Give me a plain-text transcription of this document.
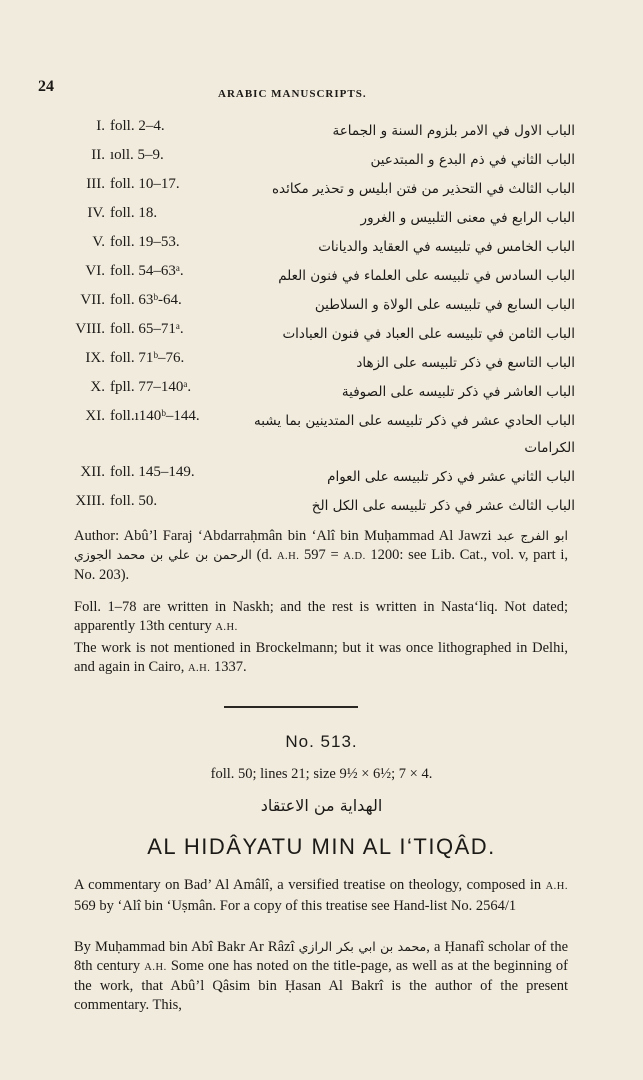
24	ARABIC MANUSCRIPTS.
I. foll. 2–4.	الباب الاول في الامر بلزوم السنة و الجماعة
II. ıoll. 5–9.	الباب الثاني في ذم البدع و المبتدعين
III. foll. 10–17.	الباب الثالث في التحذير من فتن ابليس و تحذير مكائده
IV. foll. 18.	الباب الرابع في معنى التلبيس و الغرور
V. foll. 19–53.	الباب الخامس في تلبيسه في العقايد والديانات
VI. foll. 54–63ᵃ.	الباب السادس في تلبيسه على العلماء في فنون العلم
VII. foll. 63ᵇ-64.	الباب السابع في تلبيسه على الولاة و السلاطين
VIII. foll. 65–71ᵃ.	الباب الثامن في تلبيسه على العباد في فنون العبادات
IX. foll. 71ᵇ–76.	الباب التاسع في ذكر تلبيسه على الزهاد
X. fpll. 77–140ᵃ.	الباب العاشر في ذكر تلبيسه على الصوفية
XI. foll.ı140ᵇ–144.	الباب الحادي عشر في ذكر تلبيسه على المتدينين بما يشبه الكرامات
XII. foll. 145–149.	الباب الثاني عشر في ذكر تلبيسه على العوام
XIII. foll. 50.	الباب الثالث عشر في ذكر تلبيسه على الكل الخ
Author: Abû’l Faraj ‘Abdarraḥmân bin ‘Alî bin Muḥammad Al Jawzi ابو الفرج عبد الرحمن بن علي بن محمد الجوزي (d. A.H. 597 = A.D. 1200: see Lib. Cat., vol. v, part i, No. 203).
Foll. 1–78 are written in Naskh; and the rest is written in Nasta‘liq. Not dated; apparently 13th century A.H.
The work is not mentioned in Brockelmann; but it was once lithographed in Delhi, and again in Cairo, A.H. 1337.
No. 513.
foll. 50; lines 21; size 9½ × 6½; 7 × 4.
الهداية من الاعتقاد
AL HIDÂYATU MIN AL I‘TIQÂD.
A commentary on Bad’ Al Amâlî, a versified treatise on theology, composed in A.H. 569 by ‘Alî bin ‘Uṣmân. For a copy of this treatise see Hand-list No. 2564/1
By Muḥammad bin Abî Bakr Ar Râzî محمد بن ابي بكر الرازي, a Ḥanafî scholar of the 8th century A.H. Some one has noted on the title-page, as well as at the beginning of the work, that Abû’l Qâsim bin Ḥasan Al Bakrî is the author of the present commentary. This,
